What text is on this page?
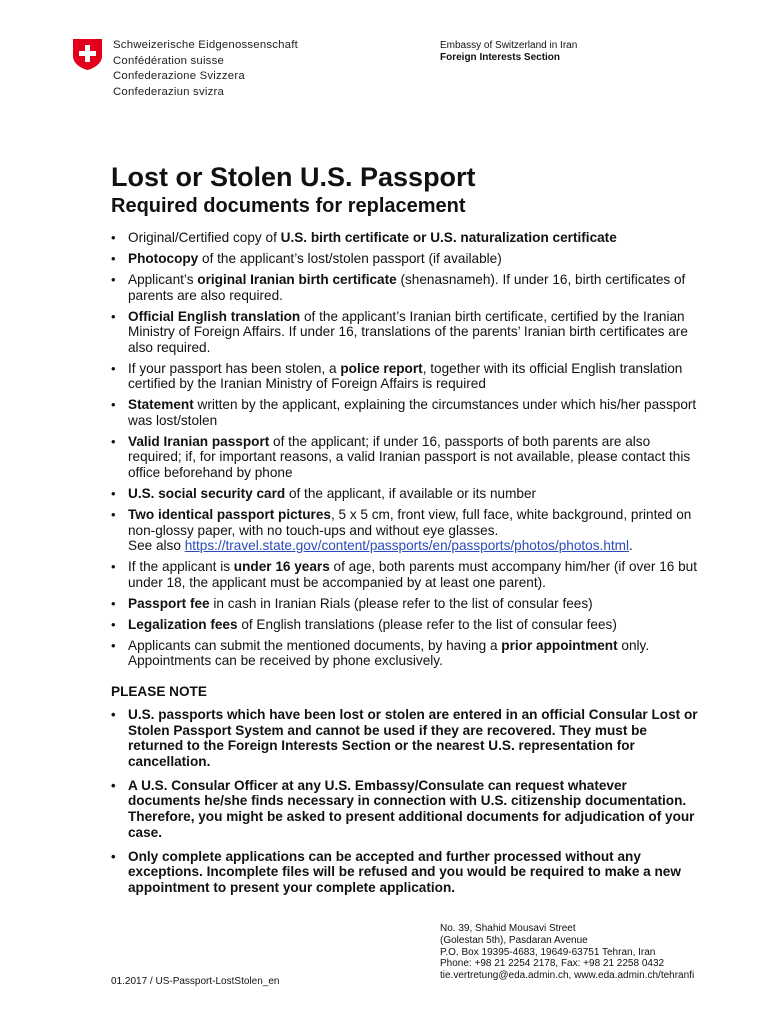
Schweizerische Eidgenossenschaft
Confédération suisse
Confederazione Svizzera
Confederaziun svizra
Embassy of Switzerland in Iran
Foreign Interests Section
Lost or Stolen U.S. Passport
Required documents for replacement
• Original/Certified copy of U.S. birth certificate or U.S. naturalization certificate
• Photocopy of the applicant’s lost/stolen passport (if available)
• Applicant’s original Iranian birth certificate (shenasnameh). If under 16, birth certificates of parents are also required.
• Official English translation of the applicant’s Iranian birth certificate, certified by the Iranian Ministry of Foreign Affairs. If under 16, translations of the parents’ Iranian birth certificates are also required.
• If your passport has been stolen, a police report, together with its official English translation certified by the Iranian Ministry of Foreign Affairs is required
• Statement written by the applicant, explaining the circumstances under which his/her passport was lost/stolen
• Valid Iranian passport of the applicant; if under 16, passports of both parents are also required; if, for important reasons, a valid Iranian passport is not available, please contact this office beforehand by phone
• U.S. social security card of the applicant, if available or its number
• Two identical passport pictures, 5 x 5 cm, front view, full face, white background, printed on non-glossy paper, with no touch-ups and without eye glasses.
See also https://travel.state.gov/content/passports/en/passports/photos/photos.html.
• If the applicant is under 16 years of age, both parents must accompany him/her (if over 16 but under 18, the applicant must be accompanied by at least one parent).
• Passport fee in cash in Iranian Rials (please refer to the list of consular fees)
• Legalization fees of English translations (please refer to the list of consular fees)
• Applicants can submit the mentioned documents, by having a prior appointment only. Appointments can be received by phone exclusively.
PLEASE NOTE
• U.S. passports which have been lost or stolen are entered in an official Consular Lost or Stolen Passport System and cannot be used if they are recovered. They must be returned to the Foreign Interests Section or the nearest U.S. representation for cancellation.
• A U.S. Consular Officer at any U.S. Embassy/Consulate can request whatever documents he/she finds necessary in connection with U.S. citizenship documentation. Therefore, you might be asked to present additional documents for adjudication of your case.
• Only complete applications can be accepted and further processed without any exceptions. Incomplete files will be refused and you would be required to make a new appointment to present your complete application.
No. 39, Shahid Mousavi Street
(Golestan 5th), Pasdaran Avenue
P.O. Box 19395-4683, 19649-63751 Tehran, Iran
Phone: +98 21 2254 2178, Fax: +98 21 2258 0432
tie.vertretung@eda.admin.ch, www.eda.admin.ch/tehranfi
01.2017 / US-Passport-LostStolen_en
